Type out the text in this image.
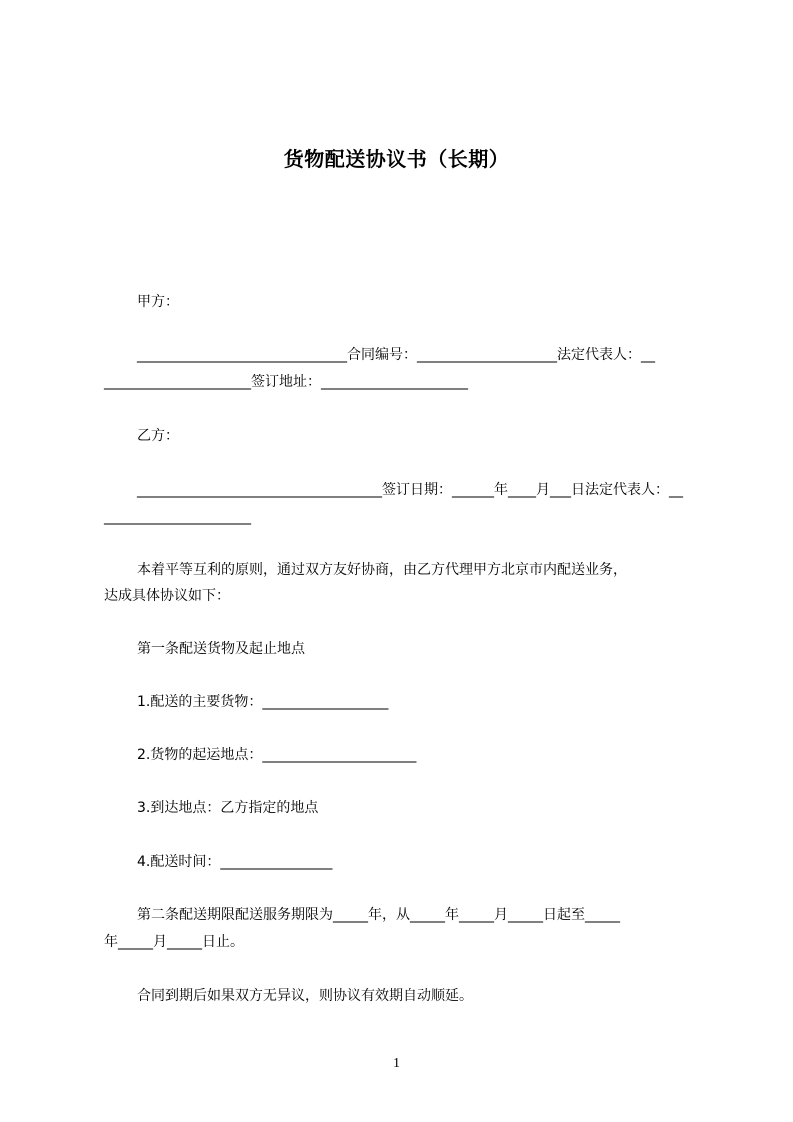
货物配送协议书（长期）
甲方：
______________________________合同编号：____________________法定代表人：__
_____________________签订地址：_____________________
乙方：
___________________________________签订日期：______年____月___日法定代表人：__
_____________________
本着平等互利的原则，通过双方友好协商，由乙方代理甲方北京市内配送业务，
达成具体协议如下：
第一条配送货物及起止地点
1.配送的主要货物：__________________
2.货物的起运地点：______________________
3.到达地点：乙方指定的地点
4.配送时间：________________
第二条配送期限配送服务期限为_____年，从_____年_____月_____日起至_____
年_____月_____日止。
合同到期后如果双方无异议，则协议有效期自动顺延。
1
